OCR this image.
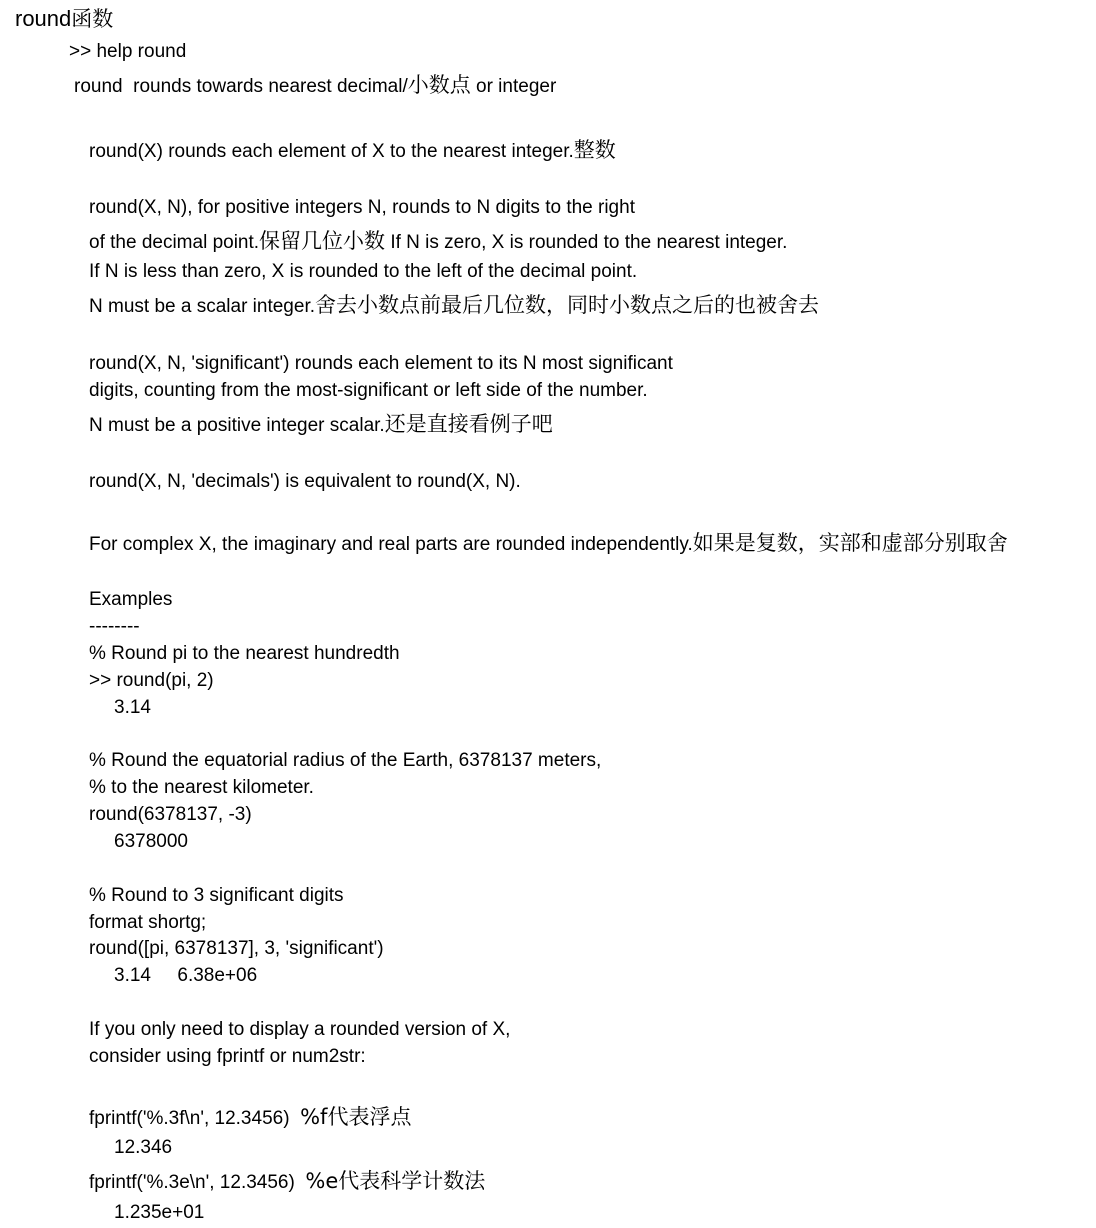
round函数
>> help round
round  rounds towards nearest decimal/小数点 or integer
round(X) rounds each element of X to the nearest integer.整数
round(X, N), for positive integers N, rounds to N digits to the right
of the decimal point.保留几位小数 If N is zero, X is rounded to the nearest integer.
If N is less than zero, X is rounded to the left of the decimal point.
N must be a scalar integer.舍去小数点前最后几位数，同时小数点之后的也被舍去
round(X, N, 'significant') rounds each element to its N most significant
digits, counting from the most-significant or left side of the number.
N must be a positive integer scalar.还是直接看例子吧
round(X, N, 'decimals') is equivalent to round(X, N).
For complex X, the imaginary and real parts are rounded independently.如果是复数，实部和虚部分别取舍
Examples
--------
% Round pi to the nearest hundredth
>> round(pi, 2)
3.14
% Round the equatorial radius of the Earth, 6378137 meters,
% to the nearest kilometer.
round(6378137, -3)
6378000
% Round to 3 significant digits
format shortg;
round([pi, 6378137], 3, 'significant')
3.14     6.38e+06
If you only need to display a rounded version of X,
consider using fprintf or num2str:
fprintf('%.3f\n', 12.3456)  %f代表浮点
12.346
fprintf('%.3e\n', 12.3456)  %e代表科学计数法
1.235e+01
